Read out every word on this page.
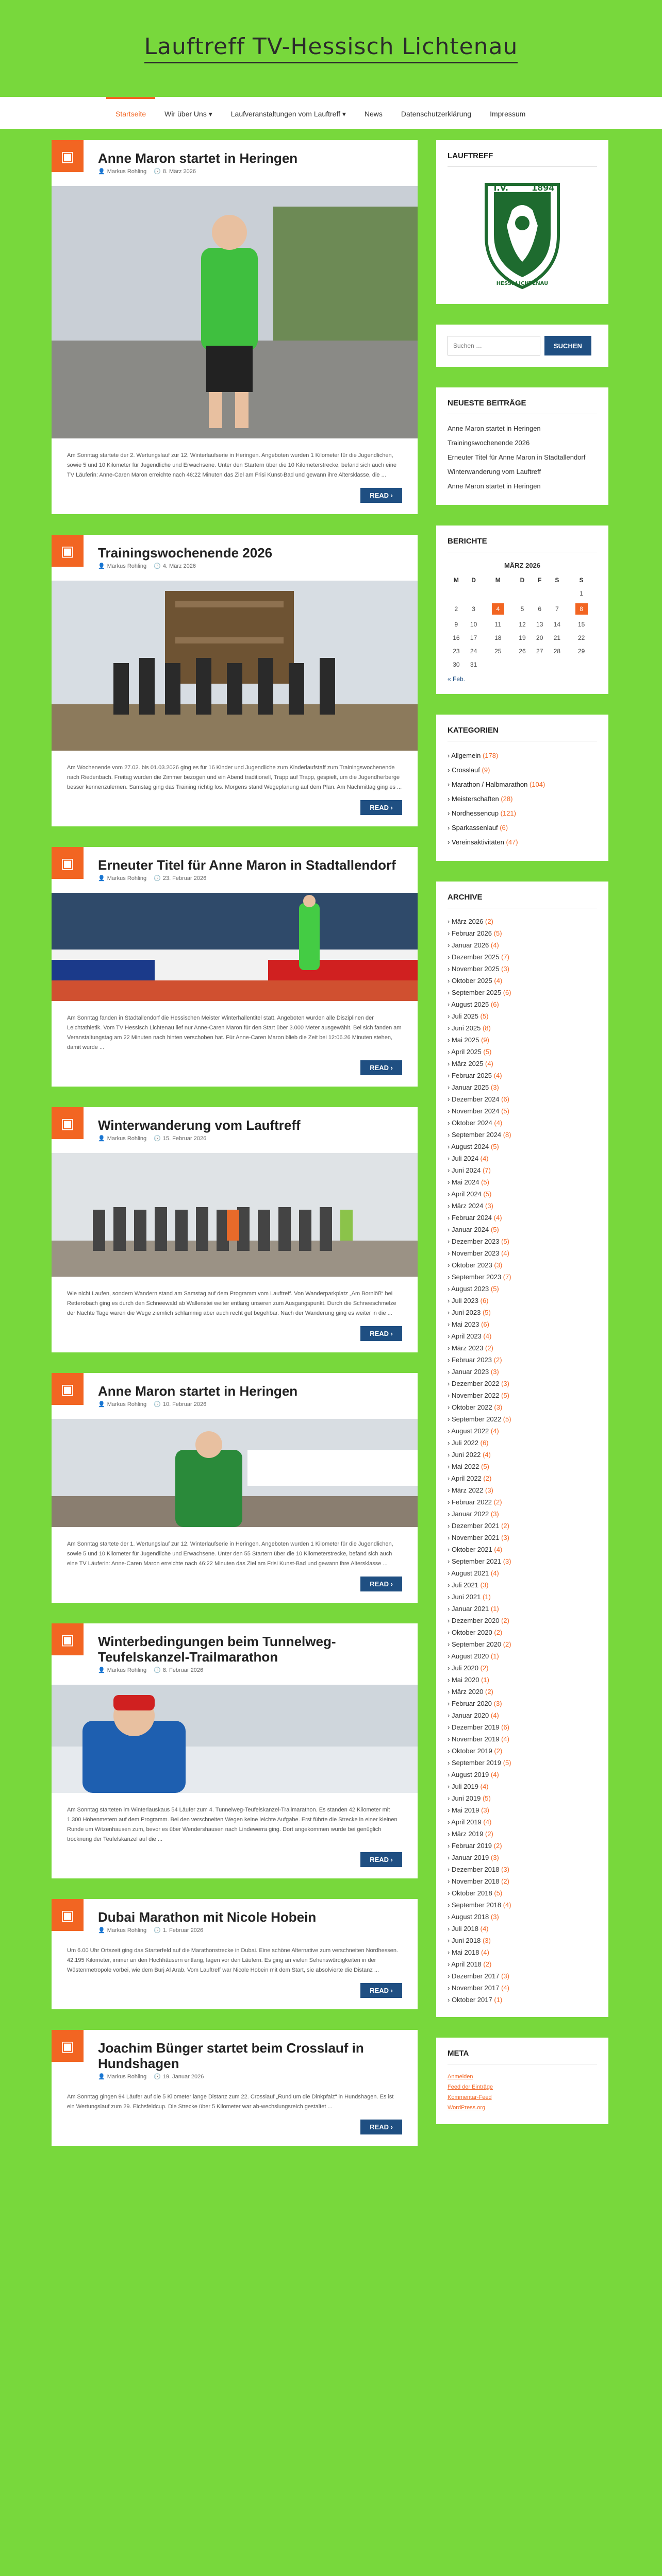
Lauftreff TV-Hessisch Lichtenau
Startseite	Wir über Uns ▾	Laufveranstaltungen vom Lauftreff ▾	News	Datenschutzerklärung	Impressum
▣	Anne Maron startet in Heringen
👤 Markus Rohling 🕓 8. März 2026

Am Sonntag startete der 2. Wertungslauf zur 12. Winterlaufserie in Heringen. Angeboten wurden 1 Kilometer für die Jugendlichen, sowie 5 und 10 Kilometer für Jugendliche und Erwachsene. Unter den Startern über die 10 Kilometerstrecke, befand sich auch eine TV Läuferin: Anne-Caren Maron erreichte nach 46:22 Minuten das Ziel am Frisi Kunst-Bad und gewann ihre Altersklasse, die ...

READ ›
▣	Trainingswochenende 2026
👤 Markus Rohling 🕓 4. März 2026

Am Wochenende vom 27.02. bis 01.03.2026 ging es für 16 Kinder und Jugendliche zum Kinderlaufstaff zum Trainingswochenende nach Riedenbach. Freitag wurden die Zimmer bezogen und ein Abend traditionell, Trapp auf Trapp, gespielt, um die Jugendherberge besser kennenzulernen. Samstag ging das Training richtig los. Morgens stand Wegeplanung auf dem Plan. Am Nachmittag ging es ...

READ ›
▣	Erneuter Titel für Anne Maron in Stadtallendorf
👤 Markus Rohling 🕓 23. Februar 2026

Am Sonntag fanden in Stadtallendorf die Hessischen Meister Winterhallentitel statt. Angeboten wurden alle Disziplinen der Leichtathletik. Vom TV Hessisch Lichtenau lief nur Anne-Caren Maron für den Start über 3.000 Meter ausgewählt. Bei sich fanden am Veranstaltungstag am 22 Minuten nach hinten verschoben hat. Für Anne-Caren Maron blieb die Zeit bei 12:06.26 Minuten stehen, damit wurde ...

READ ›
▣	Winterwanderung vom Lauftreff
👤 Markus Rohling 🕓 15. Februar 2026

Wie nicht Laufen, sondern Wandern stand am Samstag auf dem Programm vom Lauftreff. Von Wanderparkplatz „Am Bornlöß“ bei Retterobach ging es durch den Schneewald ab Wallenstei weiter entlang unseren zum Ausgangspunkt. Durch die Schneeschmelze der Nachte Tage waren die Wege ziemlich schlammig aber auch recht gut begehbar. Nach der Wanderung ging es weiter in die ...

READ ›
▣	Anne Maron startet in Heringen
👤 Markus Rohling 🕓 10. Februar 2026

Am Sonntag startete der 1. Wertungslauf zur 12. Winterlaufserie in Heringen. Angeboten wurden 1 Kilometer für die Jugendlichen, sowie 5 und 10 Kilometer für Jugendliche und Erwachsene. Unter den 55 Startern über die 10 Kilometerstrecke, befand sich auch eine TV Läuferin: Anne-Caren Maron erreichte nach 46:22 Minuten das Ziel am Frisi Kunst-Bad und gewann ihre Altersklasse ...

READ ›
▣	Winterbedingungen beim Tunnelweg-Teufelskanzel-Trailmarathon
👤 Markus Rohling 🕓 8. Februar 2026

Am Sonntag starteten im Winterlauskaus 54 Läufer zum 4. Tunnelweg-Teufelskanzel-Trailmarathon. Es standen 42 Kilometer mit 1.300 Höhenmetern auf dem Programm. Bei den verschneiten Wegen keine leichte Aufgabe. Erst führte die Strecke in einer kleinen Runde um Witzenhausen zum, bevor es über Wendershausen nach Lindewerra ging. Dort angekommen wurde bei genüglich trocknung der Teufelskanzel auf die ...

READ ›
▣	Dubai Marathon mit Nicole Hobein
👤 Markus Rohling 🕓 1. Februar 2026

Um 6.00 Uhr Ortszeit ging das Starterfeld auf die Marathonstrecke in Dubai. Eine schöne Alternative zum verschneiten Nordhessen. 42.195 Kilometer, immer an den Hochhäusern entlang, lagen vor den Läufern. Es ging an vielen Sehenswürdigkeiten in der Wüstenmetropole vorbei, wie dem Burj Al Arab. Vom Lauftreff war Nicole Hobein mit dem Start, sie absolvierte die Distanz ...

READ ›
▣	Joachim Bünger startet beim Crosslauf in Hundshagen
👤 Markus Rohling 🕓 19. Januar 2026

Am Sonntag gingen 94 Läufer auf die 5 Kilometer lange Distanz zum 22. Crosslauf „Rund um die Dinkpfalz“ in Hundshagen. Es ist ein Wertungslauf zum 29. Eichsfeldcup. Die Strecke über 5 Kilometer war ab-wechslungsreich gestaltet ...

READ ›
LAUFTREFF
T.V.	1894
HESS.-LICHTENAU
Suchen …
SUCHEN
NEUESTE BEITRÄGE
Anne Maron startet in Heringen
Trainingswochenende 2026
Erneuter Titel für Anne Maron in Stadtallendorf
Winterwanderung vom Lauftreff
Anne Maron startet in Heringen
BERICHTE
MÄRZ 2026
M	D	M	D	F	S	S
						1
2	3	4	5	6	7	8
9	10	11	12	13	14	15
16	17	18	19	20	21	22
23	24	25	26	27	28	29
30	31					
« Feb.
KATEGORIEN
› Allgemein (178)
› Crosslauf (9)
› Marathon / Halbmarathon (104)
› Meisterschaften (28)
› Nordhessencup (121)
› Sparkassenlauf (6)
› Vereinsaktivitäten (47)
ARCHIVE
› März 2026 (2)
› Februar 2026 (5)
› Januar 2026 (4)
› Dezember 2025 (7)
› November 2025 (3)
› Oktober 2025 (4)
› September 2025 (6)
› August 2025 (6)
› Juli 2025 (5)
› Juni 2025 (8)
› Mai 2025 (9)
› April 2025 (5)
› März 2025 (4)
› Februar 2025 (4)
› Januar 2025 (3)
› Dezember 2024 (6)
› November 2024 (5)
› Oktober 2024 (4)
› September 2024 (8)
› August 2024 (5)
› Juli 2024 (4)
› Juni 2024 (7)
› Mai 2024 (5)
› April 2024 (5)
› März 2024 (3)
› Februar 2024 (4)
› Januar 2024 (5)
› Dezember 2023 (5)
› November 2023 (4)
› Oktober 2023 (3)
› September 2023 (7)
› August 2023 (5)
› Juli 2023 (6)
› Juni 2023 (5)
› Mai 2023 (6)
› April 2023 (4)
› März 2023 (2)
› Februar 2023 (2)
› Januar 2023 (3)
› Dezember 2022 (3)
› November 2022 (5)
› Oktober 2022 (3)
› September 2022 (5)
› August 2022 (4)
› Juli 2022 (6)
› Juni 2022 (4)
› Mai 2022 (5)
› April 2022 (2)
› März 2022 (3)
› Februar 2022 (2)
› Januar 2022 (3)
› Dezember 2021 (2)
› November 2021 (3)
› Oktober 2021 (4)
› September 2021 (3)
› August 2021 (4)
› Juli 2021 (3)
› Juni 2021 (1)
› Januar 2021 (1)
› Dezember 2020 (2)
› Oktober 2020 (2)
› September 2020 (2)
› August 2020 (1)
› Juli 2020 (2)
› Mai 2020 (1)
› März 2020 (2)
› Februar 2020 (3)
› Januar 2020 (4)
› Dezember 2019 (6)
› November 2019 (4)
› Oktober 2019 (2)
› September 2019 (5)
› August 2019 (4)
› Juli 2019 (4)
› Juni 2019 (5)
› Mai 2019 (3)
› April 2019 (4)
› März 2019 (2)
› Februar 2019 (2)
› Januar 2019 (3)
› Dezember 2018 (3)
› November 2018 (2)
› Oktober 2018 (5)
› September 2018 (4)
› August 2018 (3)
› Juli 2018 (4)
› Juni 2018 (3)
› Mai 2018 (4)
› April 2018 (2)
› Dezember 2017 (3)
› November 2017 (4)
› Oktober 2017 (1)
META
Anmelden
Feed der Einträge
Kommentar-Feed
WordPress.org
